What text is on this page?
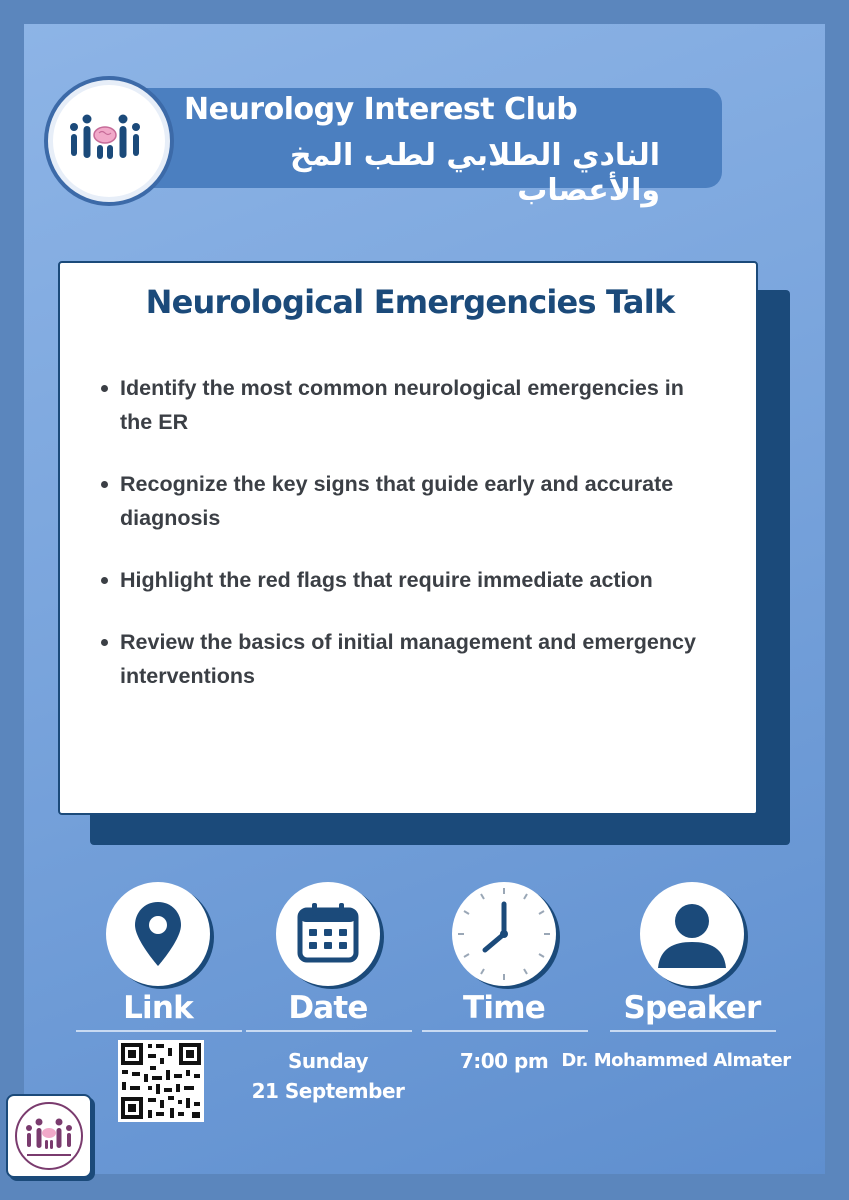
Neurology Interest Club
النادي الطلابي لطب المخ والأعصاب
Neurological Emergencies Talk
Identify the most common neurological emergencies in the ER
Recognize the key signs that guide early and accurate diagnosis
Highlight the red flags that require immediate action
Review the basics of initial management and emergency interventions
Link	Date
Sunday
21 September
Time
7:00 pm
Speaker
Dr. Mohammed Almater
